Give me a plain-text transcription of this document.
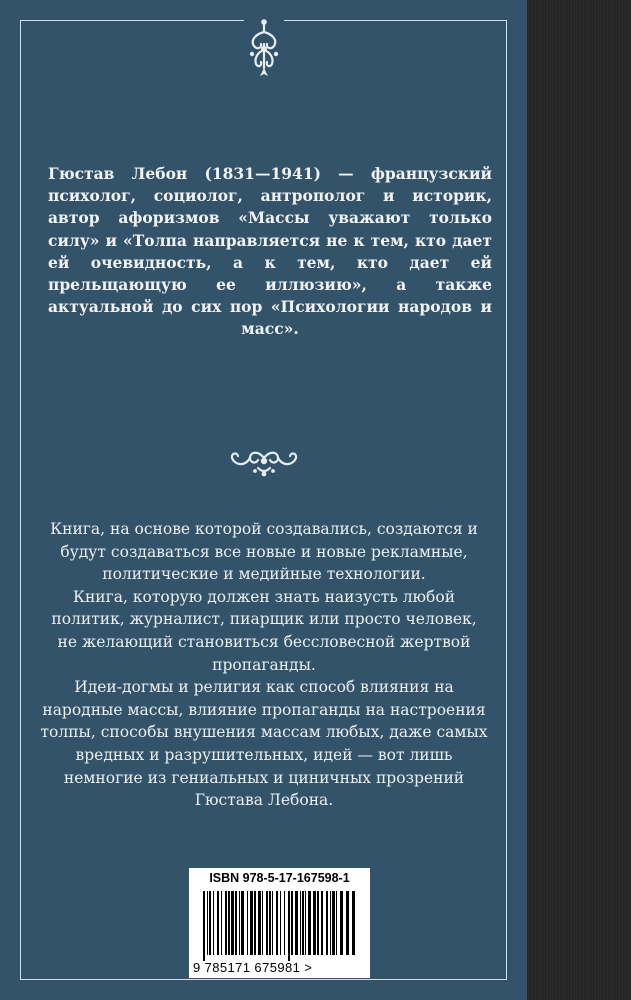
Гюстав Лебон (1831—1941) — французский психолог, социолог, антрополог и историк, автор афоризмов «Массы уважают только силу» и «Толпа направляется не к тем, кто дает ей очевидность, а к тем, кто дает ей прельщающую ее иллюзию», а также актуальной до сих пор «Психологии народов и масс».

Книга, на основе которой создавались, создаются и будут создаваться все новые и новые рекламные, политические и медийные технологии.

Книга, которую должен знать наизусть любой политик, журналист, пиарщик или просто человек, не желающий становиться бессловесной жертвой пропаганды.

Идеи-догмы и религия как способ влияния на народные массы, влияние пропаганды на настроения толпы, способы внушения массам любых, даже самых вредных и разрушительных, идей — вот лишь немногие из гениальных и циничных прозрений Гюстава Лебона.

ISBN 978-5-17-167598-1
9 785171 675981 >
